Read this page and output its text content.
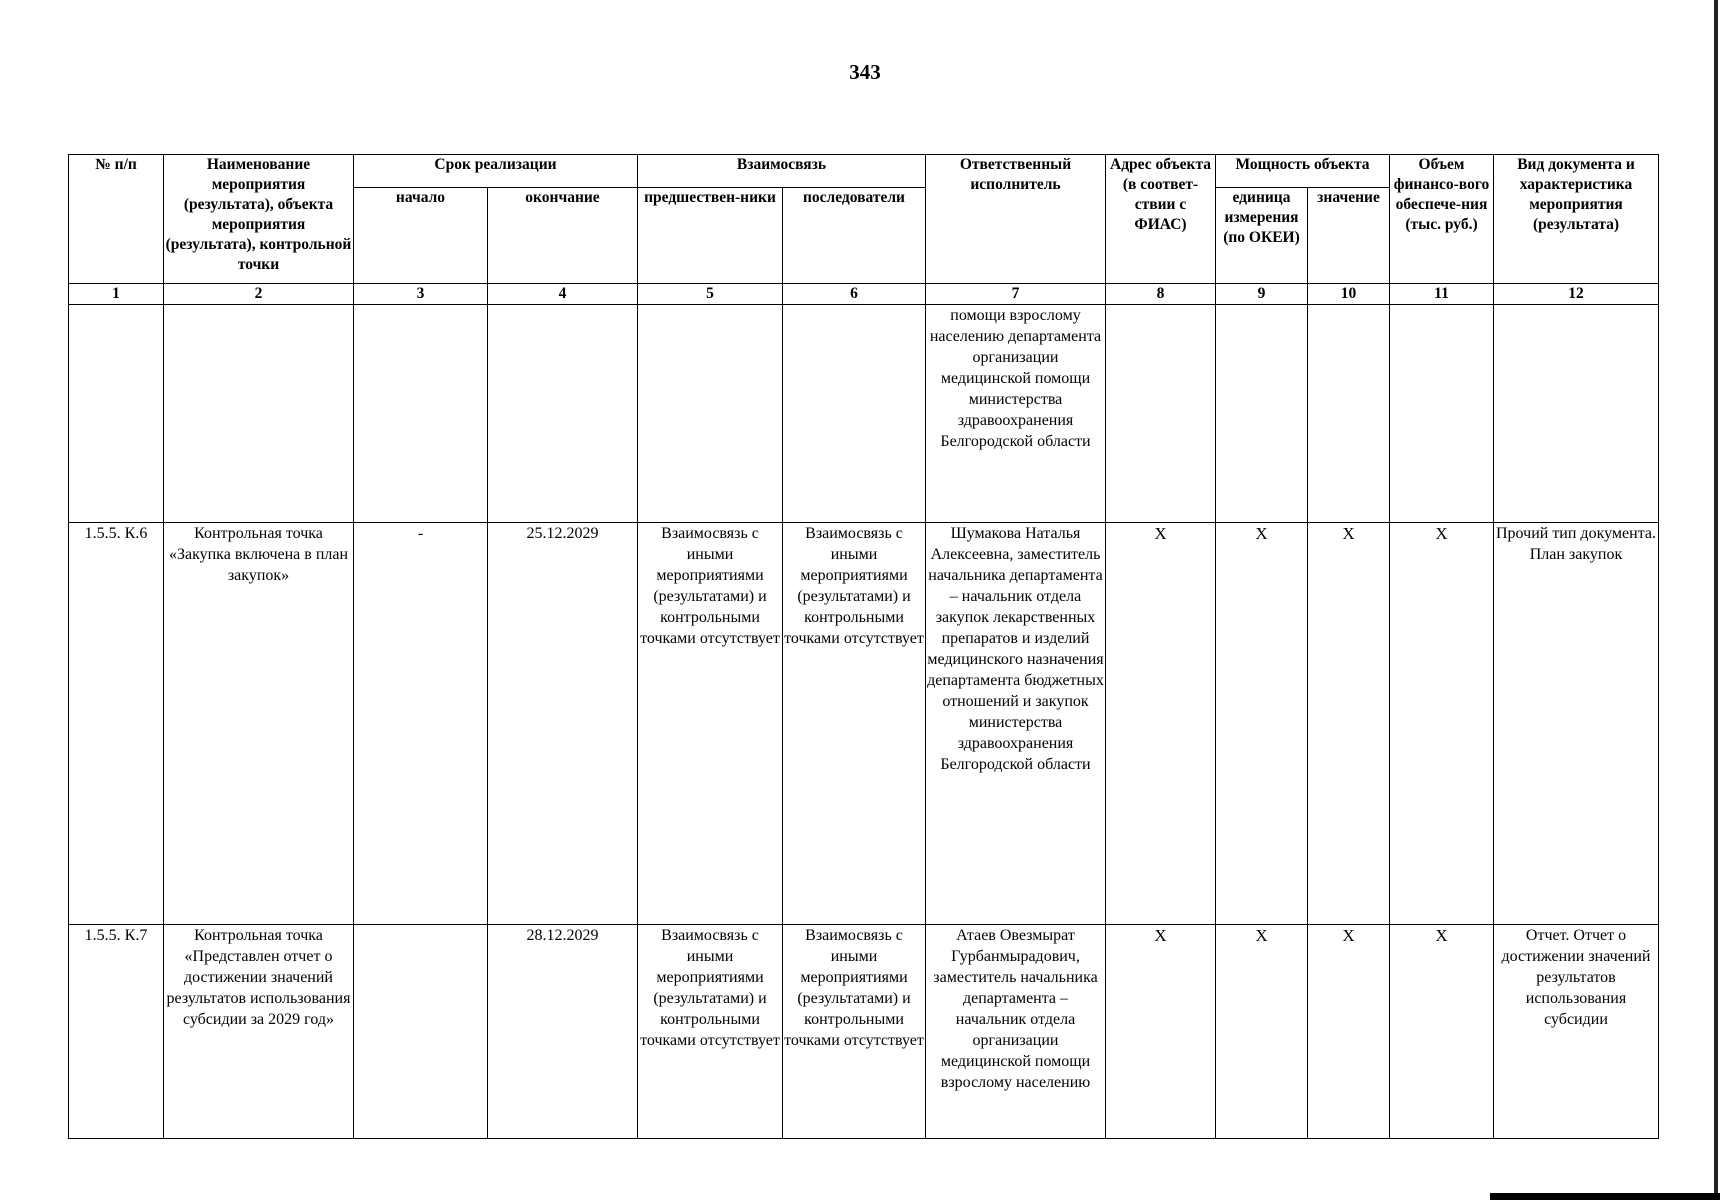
343
№ п/п	Наименование мероприятия (результата), объекта мероприятия (результата), контрольной точки	Срок реализации		Взаимосвязь		Ответственный исполнитель	Адрес объекта (в соответ-ствии с ФИАС)	Мощность объекта		Объем финансо-вого обеспече-ния (тыс. руб.)	Вид документа и характеристика мероприятия (результата)
		начало	окончание	предшествен-ники	последователи			единица измерения (по ОКЕИ)	значение		
1	2	3	4	5	6	7	8	9	10	11	12
						помощи взрослому населению департамента организации медицинской помощи министерства здравоохранения Белгородской области					
1.5.5. К.6	Контрольная точка «Закупка включена в план закупок»	-	25.12.2029	Взаимосвязь с иными мероприятиями (результатами) и контрольными точками отсутствует	Взаимосвязь с иными мероприятиями (результатами) и контрольными точками отсутствует	Шумакова Наталья Алексеевна, заместитель начальника департамента – начальник отдела закупок лекарственных препаратов и изделий медицинского назначения департамента бюджетных отношений и закупок министерства здравоохранения Белгородской области	X	X	X	X	Прочий тип документа. План закупок
1.5.5. К.7	Контрольная точка «Представлен отчет о достижении значений результатов использования субсидии за 2029 год»		28.12.2029	Взаимосвязь с иными мероприятиями (результатами) и контрольными точками отсутствует	Взаимосвязь с иными мероприятиями (результатами) и контрольными точками отсутствует	Атаев Овезмырат Гурбанмырадович, заместитель начальника департамента – начальник отдела организации медицинской помощи взрослому населению	X	X	X	X	Отчет. Отчет о достижении значений результатов использования субсидии
